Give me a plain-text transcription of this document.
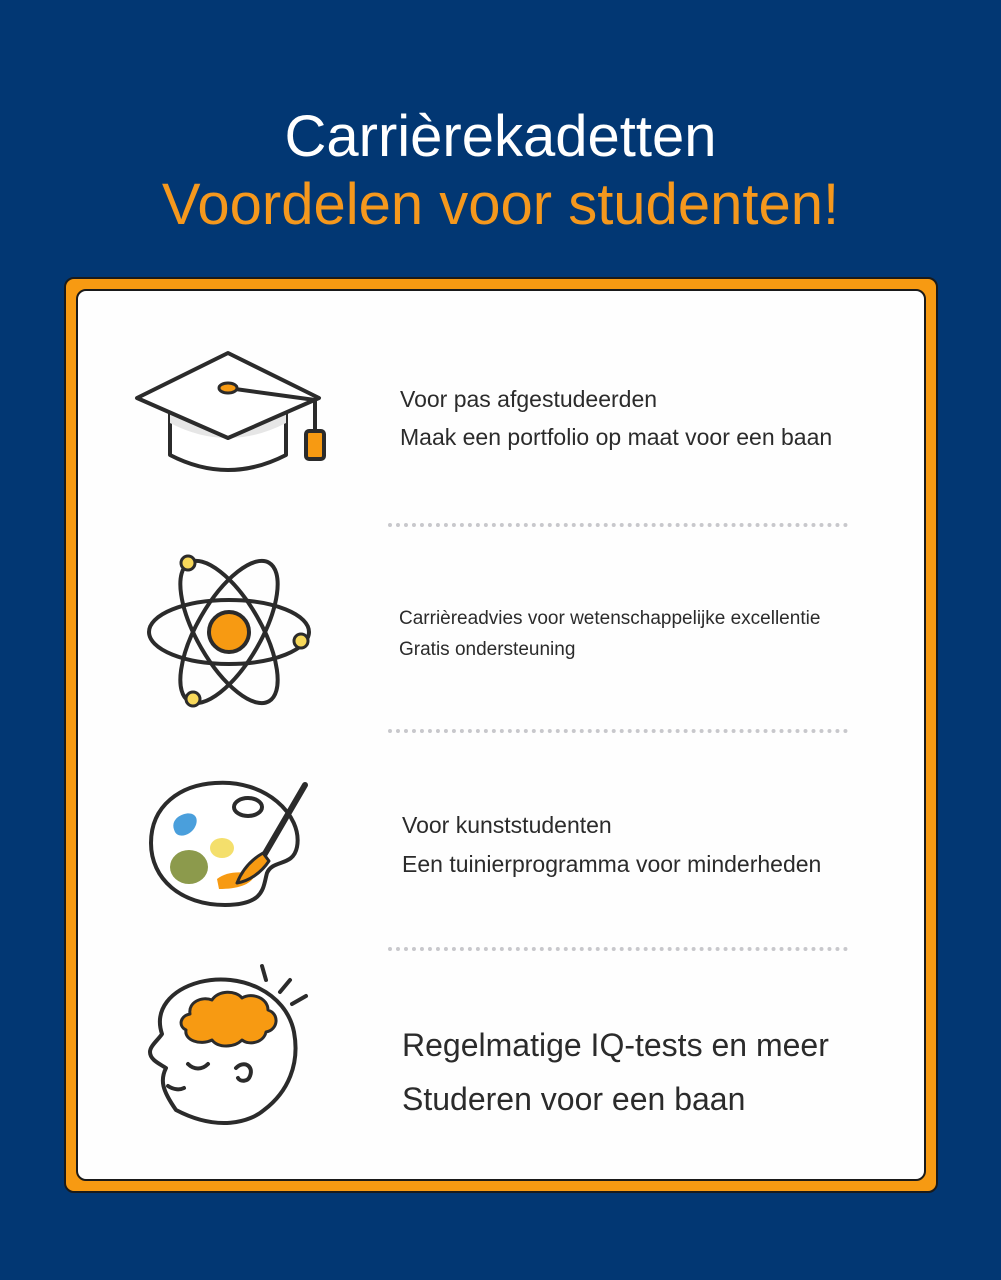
Carrièrekadetten
Voordelen voor studenten!
Voor pas afgestudeerden
Maak een portfolio op maat voor een baan
Carrièreadvies voor wetenschappelijke excellentie
Gratis ondersteuning
Voor kunststudenten
Een tuinierprogramma voor minderheden
Regelmatige IQ-tests en meer
Studeren voor een baan
